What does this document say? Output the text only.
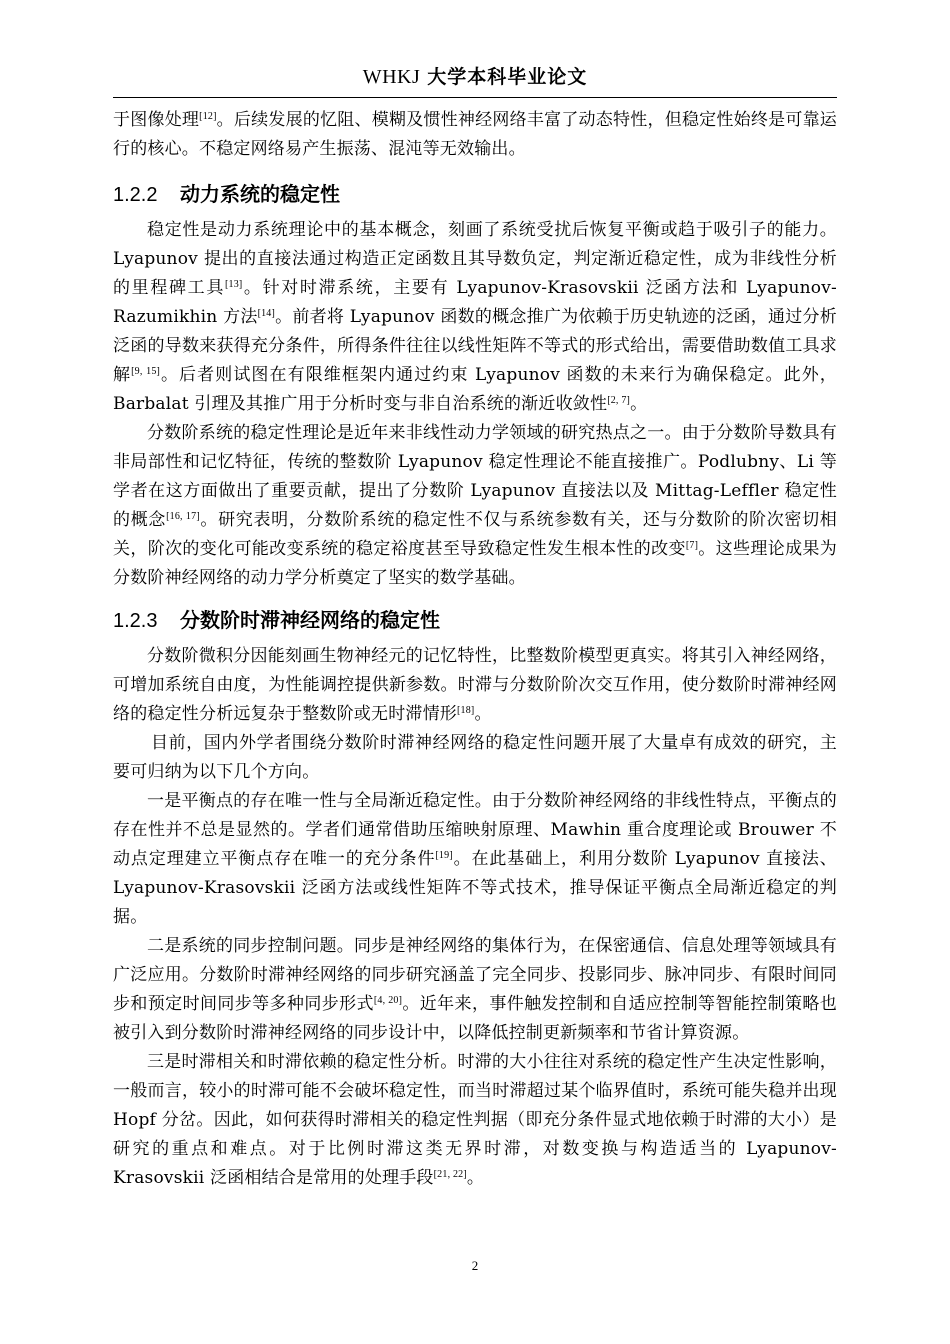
WHKJ 大学本科毕业论文

于图像处理[12]。后续发展的忆阻、模糊及惯性神经网络丰富了动态特性，但稳定性始终是可靠运行的核心。不稳定网络易产生振荡、混沌等无效输出。

1.2.2 动力系统的稳定性

稳定性是动力系统理论中的基本概念，刻画了系统受扰后恢复平衡或趋于吸引子的能力。Lyapunov 提出的直接法通过构造正定函数且其导数负定，判定渐近稳定性，成为非线性分析的里程碑工具[13]。针对时滞系统，主要有 Lyapunov-Krasovskii 泛函方法和 Lyapunov-Razumikhin 方法[14]。前者将 Lyapunov 函数的概念推广为依赖于历史轨迹的泛函，通过分析泛函的导数来获得充分条件，所得条件往往以线性矩阵不等式的形式给出，需要借助数值工具求解[9, 15]。后者则试图在有限维框架内通过约束 Lyapunov 函数的未来行为确保稳定。此外，Barbalat 引理及其推广用于分析时变与非自治系统的渐近收敛性[2, 7]。

分数阶系统的稳定性理论是近年来非线性动力学领域的研究热点之一。由于分数阶导数具有非局部性和记忆特征，传统的整数阶 Lyapunov 稳定性理论不能直接推广。Podlubny、Li 等学者在这方面做出了重要贡献，提出了分数阶 Lyapunov 直接法以及 Mittag-Leffler 稳定性的概念[16, 17]。研究表明，分数阶系统的稳定性不仅与系统参数有关，还与分数阶的阶次密切相关，阶次的变化可能改变系统的稳定裕度甚至导致稳定性发生根本性的改变[7]。这些理论成果为分数阶神经网络的动力学分析奠定了坚实的数学基础。

1.2.3 分数阶时滞神经网络的稳定性

分数阶微积分因能刻画生物神经元的记忆特性，比整数阶模型更真实。将其引入神经网络，可增加系统自由度，为性能调控提供新参数。时滞与分数阶阶次交互作用，使分数阶时滞神经网络的稳定性分析远复杂于整数阶或无时滞情形[18]。

目前，国内外学者围绕分数阶时滞神经网络的稳定性问题开展了大量卓有成效的研究，主要可归纳为以下几个方向。

一是平衡点的存在唯一性与全局渐近稳定性。由于分数阶神经网络的非线性特点，平衡点的存在性并不总是显然的。学者们通常借助压缩映射原理、Mawhin 重合度理论或 Brouwer 不动点定理建立平衡点存在唯一的充分条件[19]。在此基础上，利用分数阶 Lyapunov 直接法、Lyapunov-Krasovskii 泛函方法或线性矩阵不等式技术，推导保证平衡点全局渐近稳定的判据。

二是系统的同步控制问题。同步是神经网络的集体行为，在保密通信、信息处理等领域具有广泛应用。分数阶时滞神经网络的同步研究涵盖了完全同步、投影同步、脉冲同步、有限时间同步和预定时间同步等多种同步形式[4, 20]。近年来，事件触发控制和自适应控制等智能控制策略也被引入到分数阶时滞神经网络的同步设计中，以降低控制更新频率和节省计算资源。

三是时滞相关和时滞依赖的稳定性分析。时滞的大小往往对系统的稳定性产生决定性影响，一般而言，较小的时滞可能不会破坏稳定性，而当时滞超过某个临界值时，系统可能失稳并出现 Hopf 分岔。因此，如何获得时滞相关的稳定性判据（即充分条件显式地依赖于时滞的大小）是研究的重点和难点。对于比例时滞这类无界时滞，对数变换与构造适当的 Lyapunov-Krasovskii 泛函相结合是常用的处理手段[21, 22]。

2
